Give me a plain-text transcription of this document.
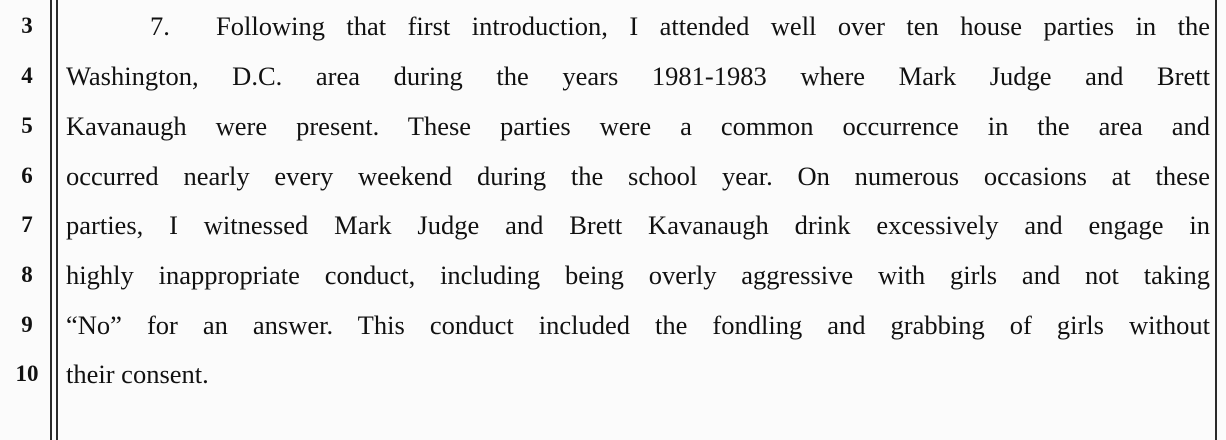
3
4
5
6
7
8
9
10
7. Following that first introduction, I attended well over ten house parties in the
Washington, D.C. area during the years 1981-1983 where Mark Judge and Brett
Kavanaugh were present. These parties were a common occurrence in the area and
occurred nearly every weekend during the school year. On numerous occasions at these
parties, I witnessed Mark Judge and Brett Kavanaugh drink excessively and engage in
highly inappropriate conduct, including being overly aggressive with girls and not taking
“No” for an answer. This conduct included the fondling and grabbing of girls without
their consent.
